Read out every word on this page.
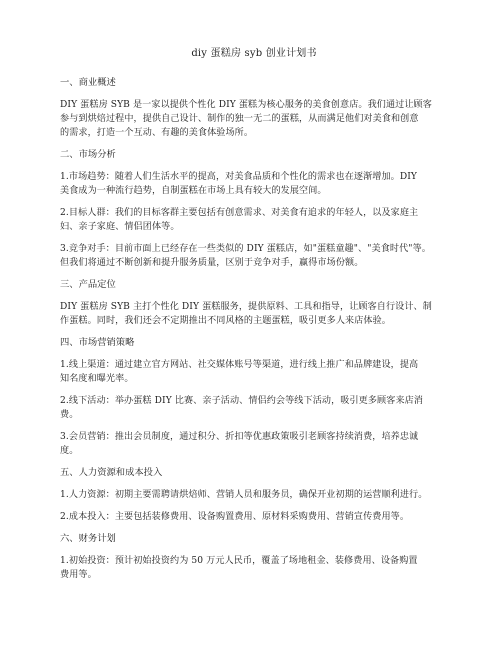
diy 蛋糕房 syb 创业计划书
一、商业概述
DIY 蛋糕房 SYB 是一家以提供个性化 DIY 蛋糕为核心服务的美食创意店。我们通过让顾客
参与到烘焙过程中，提供自己设计、制作的独一无二的蛋糕，从而满足他们对美食和创意
的需求，打造一个互动、有趣的美食体验场所。
二、市场分析
1.市场趋势：随着人们生活水平的提高，对美食品质和个性化的需求也在逐渐增加。DIY
美食成为一种流行趋势，自制蛋糕在市场上具有较大的发展空间。
2.目标人群：我们的目标客群主要包括有创意需求、对美食有追求的年轻人，以及家庭主
妇、亲子家庭、情侣团体等。
3.竞争对手：目前市面上已经存在一些类似的 DIY 蛋糕店，如"蛋糕童趣"、"美食时代"等。
但我们将通过不断创新和提升服务质量，区别于竞争对手，赢得市场份额。
三、产品定位
DIY 蛋糕房 SYB 主打个性化 DIY 蛋糕服务，提供原料、工具和指导，让顾客自行设计、制
作蛋糕。同时，我们还会不定期推出不同风格的主题蛋糕，吸引更多人来店体验。
四、市场营销策略
1.线上渠道：通过建立官方网站、社交媒体账号等渠道，进行线上推广和品牌建设，提高
知名度和曝光率。
2.线下活动：举办蛋糕 DIY 比赛、亲子活动、情侣约会等线下活动，吸引更多顾客来店消
费。
3.会员营销：推出会员制度，通过积分、折扣等优惠政策吸引老顾客持续消费，培养忠诚
度。
五、人力资源和成本投入
1.人力资源：初期主要需聘请烘焙师、营销人员和服务员，确保开业初期的运营顺利进行。
2.成本投入：主要包括装修费用、设备购置费用、原材料采购费用、营销宣传费用等。
六、财务计划
1.初始投资：预计初始投资约为 50 万元人民币，覆盖了场地租金、装修费用、设备购置
费用等。
